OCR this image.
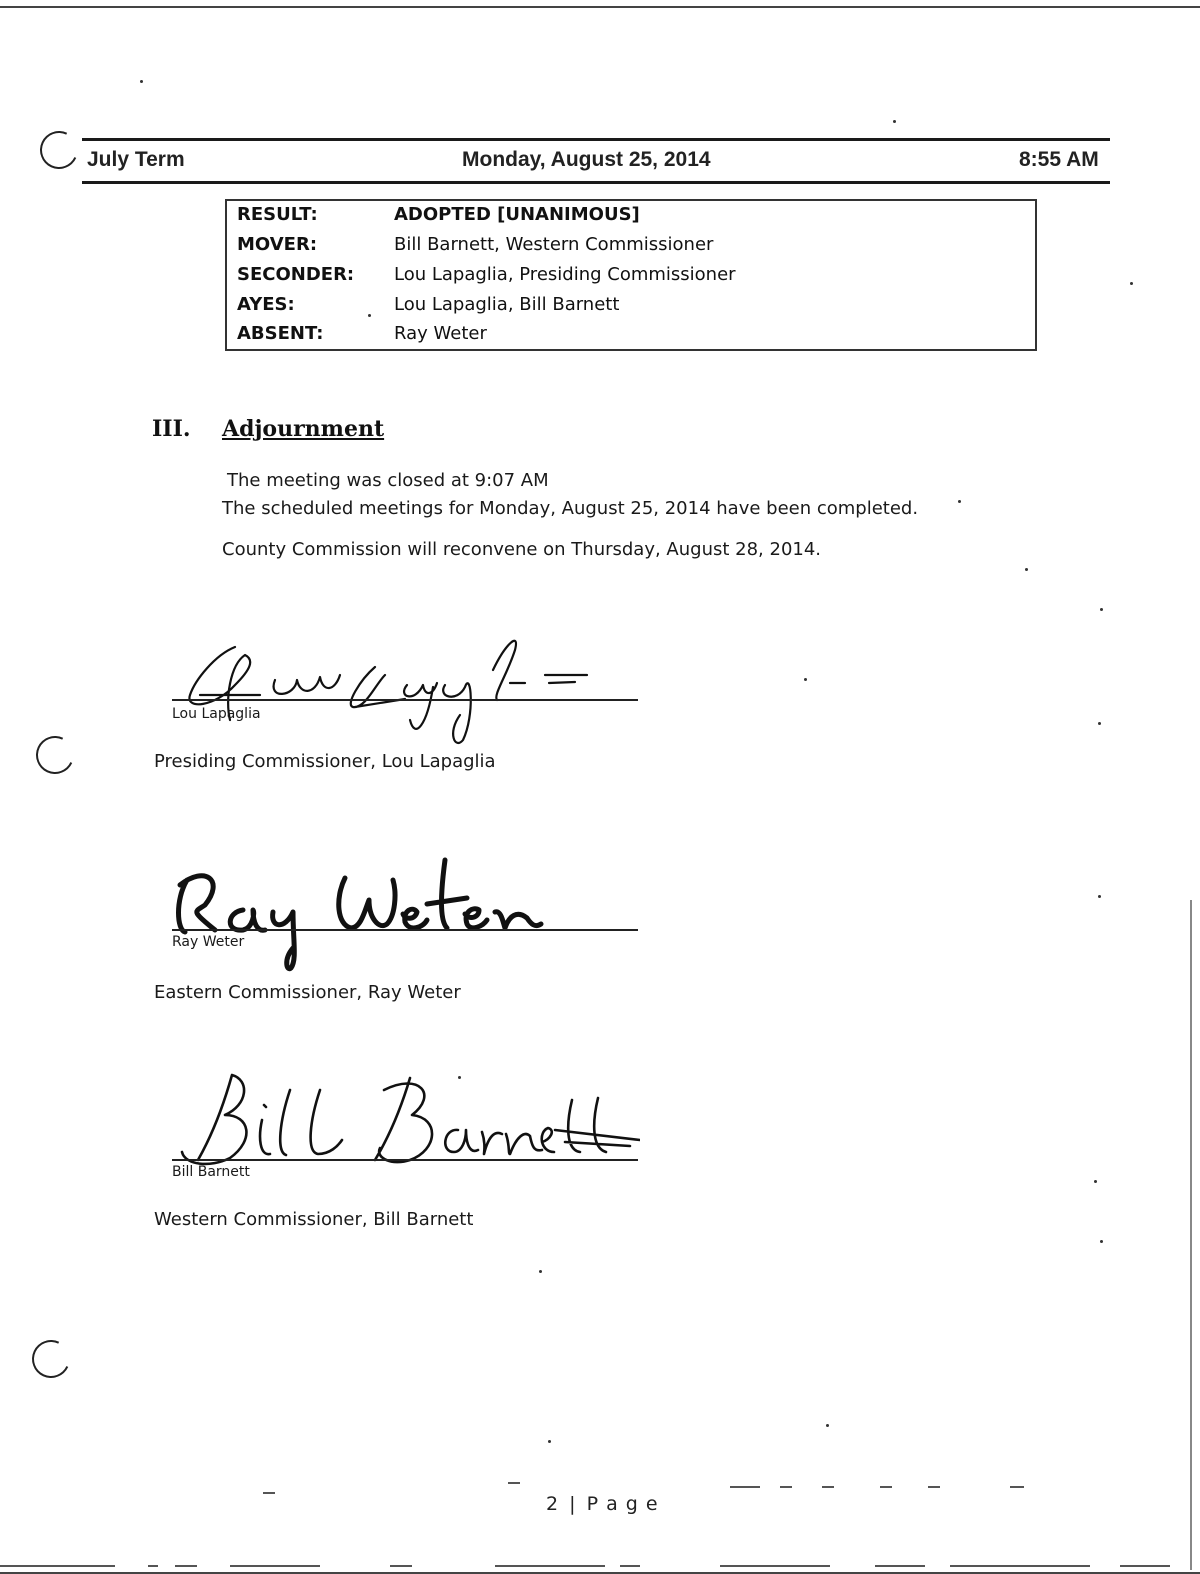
July Term	Monday, August 25, 2014	8:55 AM
RESULT:	ADOPTED [UNANIMOUS]
MOVER:	Bill Barnett, Western Commissioner
SECONDER: Lou Lapaglia, Presiding Commissioner
AYES:	Lou Lapaglia, Bill Barnett
ABSENT:	Ray Weter
III. Adjournment
The meeting was closed at 9:07 AM
The scheduled meetings for Monday, August 25, 2014 have been completed.
County Commission will reconvene on Thursday, August 28, 2014.
Lou Lapaglia
Lou Lapaglia
Presiding Commissioner, Lou Lapaglia
Ray Weter
Ray Weter
Eastern Commissioner, Ray Weter
Bill Barnett
Bill Barnett
Western Commissioner, Bill Barnett
2 | P a g e
